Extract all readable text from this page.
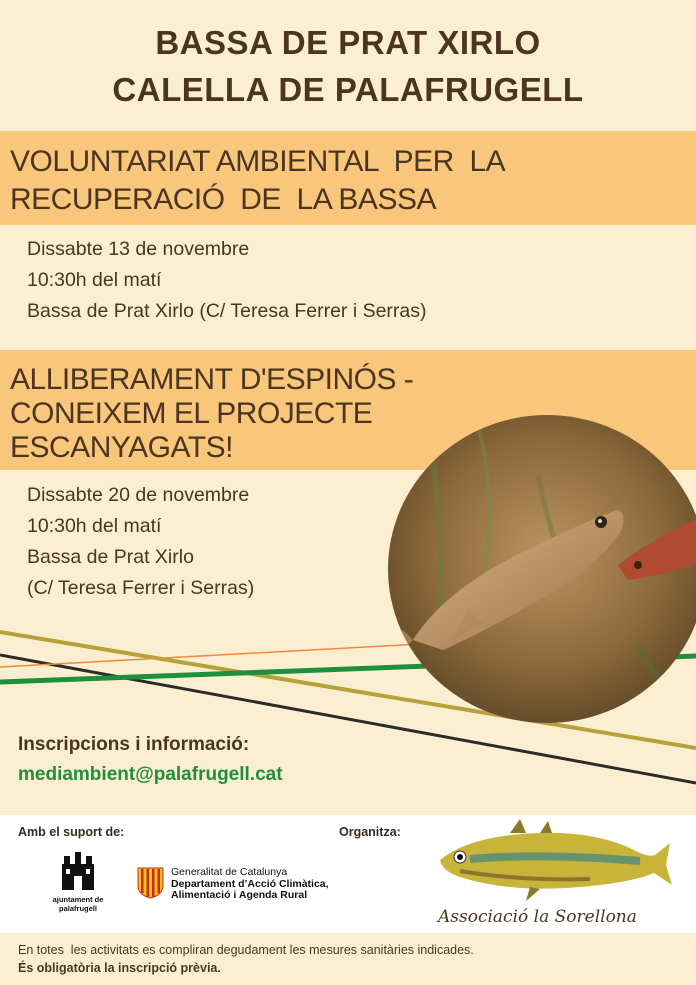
BASSA DE PRAT XIRLO
CALELLA DE PALAFRUGELL
VOLUNTARIAT AMBIENTAL  PER  LA
RECUPERACIÓ  DE  LA BASSA
Dissabte 13 de novembre
10:30h del matí
Bassa de Prat Xirlo (C/ Teresa Ferrer i Serras)
ALLIBERAMENT D'ESPINÓS -
CONEIXEM EL PROJECTE
ESCANYAGATS!
Dissabte 20 de novembre
10:30h del matí
Bassa de Prat Xirlo
(C/ Teresa Ferrer i Serras)
Inscripcions i informació:
mediambient@palafrugell.cat
Amb el suport de:	Organitza:
ajuntament de
palafrugell
Generalitat de Catalunya
Departament d’Acció Climàtica,
Alimentació i Agenda Rural
Associació la Sorellona
En totes  les activitats es compliran degudament les mesures sanitàries indicades.
És obligatòria la inscripció prèvia.
